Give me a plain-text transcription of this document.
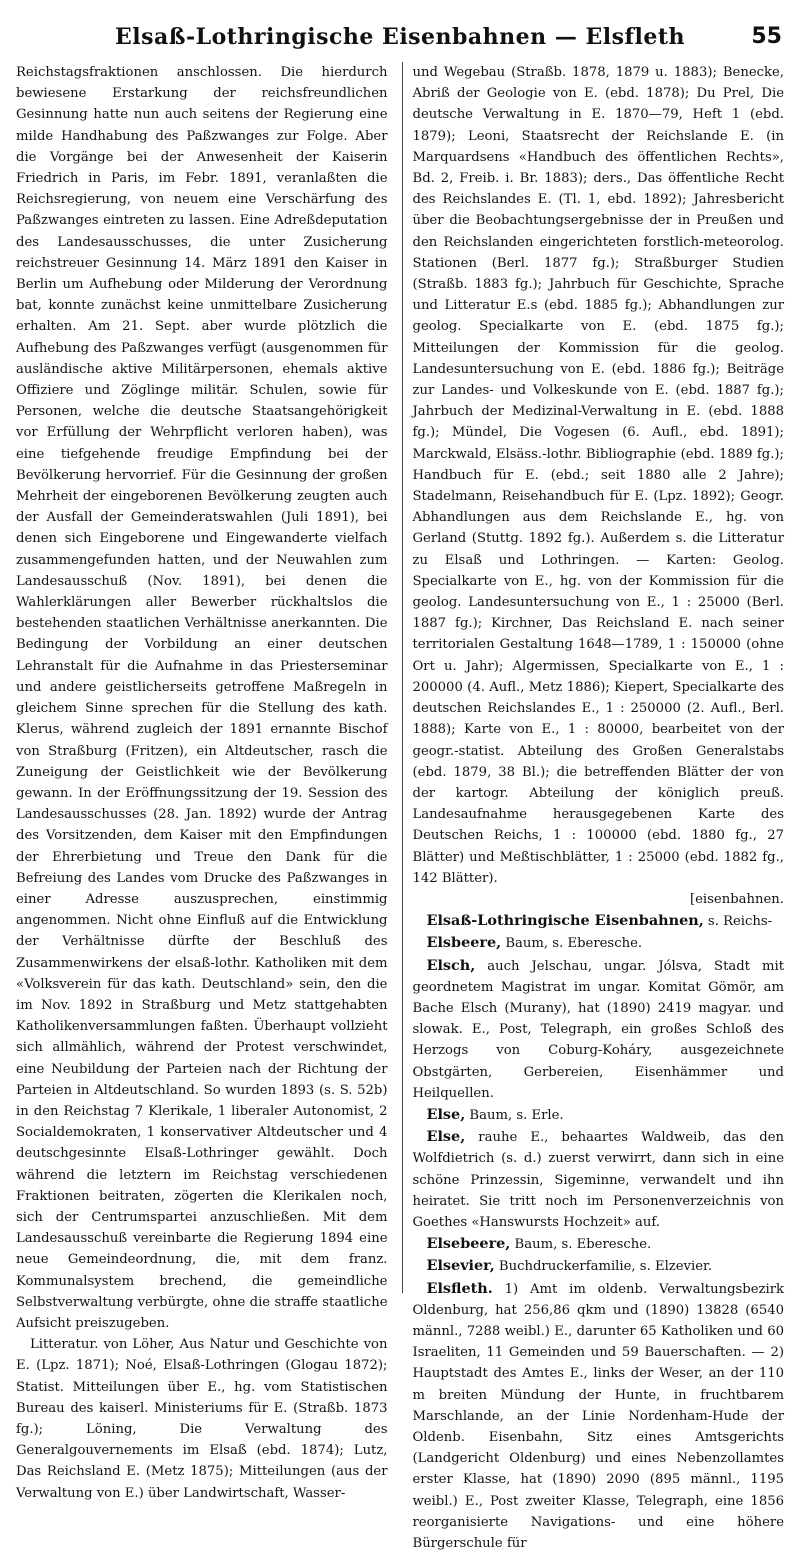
Elsaß-Lothringische Eisenbahnen — Elsfleth	55

Reichstagsfraktionen anschlossen. Die hierdurch bewiesene Erstarkung der reichsfreundlichen Gesinnung hatte nun auch seitens der Regierung eine milde Handhabung des Paßzwanges zur Folge. Aber die Vorgänge bei der Anwesenheit der Kaiserin Friedrich in Paris, im Febr. 1891, veranlaßten die Reichsregierung, von neuem eine Verschärfung des Paßzwanges eintreten zu lassen. Eine Adreßdeputation des Landesausschusses, die unter Zusicherung reichstreuer Gesinnung 14. März 1891 den Kaiser in Berlin um Aufhebung oder Milderung der Verordnung bat, konnte zunächst keine unmittelbare Zusicherung erhalten. Am 21. Sept. aber wurde plötzlich die Aufhebung des Paßzwanges verfügt (ausgenommen für ausländische aktive Militärpersonen, ehemals aktive Offiziere und Zöglinge militär. Schulen, sowie für Personen, welche die deutsche Staatsangehörigkeit vor Erfüllung der Wehrpflicht verloren haben), was eine tiefgehende freudige Empfindung bei der Bevölkerung hervorrief. Für die Gesinnung der großen Mehrheit der eingeborenen Bevölkerung zeugten auch der Ausfall der Gemeinderatswahlen (Juli 1891), bei denen sich Eingeborene und Eingewanderte vielfach zusammengefunden hatten, und der Neuwahlen zum Landesausschuß (Nov. 1891), bei denen die Wahlerklärungen aller Bewerber rückhaltslos die bestehenden staatlichen Verhältnisse anerkannten. Die Bedingung der Vorbildung an einer deutschen Lehranstalt für die Aufnahme in das Priesterseminar und andere geistlicherseits getroffene Maßregeln in gleichem Sinne sprechen für die Stellung des kath. Klerus, während zugleich der 1891 ernannte Bischof von Straßburg (Fritzen), ein Altdeutscher, rasch die Zuneigung der Geistlichkeit wie der Bevölkerung gewann. In der Eröffnungssitzung der 19. Session des Landesausschusses (28. Jan. 1892) wurde der Antrag des Vorsitzenden, dem Kaiser mit den Empfindungen der Ehrerbietung und Treue den Dank für die Befreiung des Landes vom Drucke des Paßzwanges in einer Adresse auszusprechen, einstimmig angenommen. Nicht ohne Einfluß auf die Entwicklung der Verhältnisse dürfte der Beschluß des Zusammenwirkens der elsaß-lothr. Katholiken mit dem «Volksverein für das kath. Deutschland» sein, den die im Nov. 1892 in Straßburg und Metz stattgehabten Katholikenversammlungen faßten. Überhaupt vollzieht sich allmählich, während der Protest verschwindet, eine Neubildung der Parteien nach der Richtung der Parteien in Altdeutschland. So wurden 1893 (s. S. 52b) in den Reichstag 7 Klerikale, 1 liberaler Autonomist, 2 Socialdemokraten, 1 konservativer Altdeutscher und 4 deutschgesinnte Elsaß-Lothringer gewählt. Doch während die letztern im Reichstag verschiedenen Fraktionen beitraten, zögerten die Klerikalen noch, sich der Centrumspartei anzuschließen. Mit dem Landesausschuß vereinbarte die Regierung 1894 eine neue Gemeindeordnung, die, mit dem franz. Kommunalsystem brechend, die gemeindliche Selbstverwaltung verbürgte, ohne die straffe staatliche Aufsicht preiszugeben.

Litteratur. von Löher, Aus Natur und Geschichte von E. (Lpz. 1871); Noé, Elsaß-Lothringen (Glogau 1872); Statist. Mitteilungen über E., hg. vom Statistischen Bureau des kaiserl. Ministeriums für E. (Straßb. 1873 fg.); Löning, Die Verwaltung des Generalgouvernements im Elsaß (ebd. 1874); Lutz, Das Reichsland E. (Metz 1875); Mitteilungen (aus der Verwaltung von E.) über Landwirtschaft, Wasser-

und Wegebau (Straßb. 1878, 1879 u. 1883); Benecke, Abriß der Geologie von E. (ebd. 1878); Du Prel, Die deutsche Verwaltung in E. 1870—79, Heft 1 (ebd. 1879); Leoni, Staatsrecht der Reichslande E. (in Marquardsens «Handbuch des öffentlichen Rechts», Bd. 2, Freib. i. Br. 1883); ders., Das öffentliche Recht des Reichslandes E. (Tl. 1, ebd. 1892); Jahresbericht über die Beobachtungsergebnisse der in Preußen und den Reichslanden eingerichteten forstlich-meteorolog. Stationen (Berl. 1877 fg.); Straßburger Studien (Straßb. 1883 fg.); Jahrbuch für Geschichte, Sprache und Litteratur E.s (ebd. 1885 fg.); Abhandlungen zur geolog. Specialkarte von E. (ebd. 1875 fg.); Mitteilungen der Kommission für die geolog. Landesuntersuchung von E. (ebd. 1886 fg.); Beiträge zur Landes- und Volkeskunde von E. (ebd. 1887 fg.); Jahrbuch der Medizinal-Verwaltung in E. (ebd. 1888 fg.); Mündel, Die Vogesen (6. Aufl., ebd. 1891); Marckwald, Elsäss.-lothr. Bibliographie (ebd. 1889 fg.); Handbuch für E. (ebd.; seit 1880 alle 2 Jahre); Stadelmann, Reisehandbuch für E. (Lpz. 1892); Geogr. Abhandlungen aus dem Reichslande E., hg. von Gerland (Stuttg. 1892 fg.). Außerdem s. die Litteratur zu Elsaß und Lothringen. — Karten: Geolog. Specialkarte von E., hg. von der Kommission für die geolog. Landesuntersuchung von E., 1 : 25000 (Berl. 1887 fg.); Kirchner, Das Reichsland E. nach seiner territorialen Gestaltung 1648—1789, 1 : 150000 (ohne Ort u. Jahr); Algermissen, Specialkarte von E., 1 : 200000 (4. Aufl., Metz 1886); Kiepert, Specialkarte des deutschen Reichslandes E., 1 : 250000 (2. Aufl., Berl. 1888); Karte von E., 1 : 80000, bearbeitet von der geogr.-statist. Abteilung des Großen Generalstabs (ebd. 1879, 38 Bl.); die betreffenden Blätter der von der kartogr. Abteilung der königlich preuß. Landesaufnahme herausgegebenen Karte des Deutschen Reichs, 1 : 100000 (ebd. 1880 fg., 27 Blätter) und Meßtischblätter, 1 : 25000 (ebd. 1882 fg., 142 Blätter).

[eisenbahnen.

Elsaß-Lothringische Eisenbahnen, s. Reichs-

Elsbeere, Baum, s. Eberesche.

Elsch, auch Jelschau, ungar. Jólsva, Stadt mit geordnetem Magistrat im ungar. Komitat Gömör, am Bache Elsch (Murany), hat (1890) 2419 magyar. und slowak. E., Post, Telegraph, ein großes Schloß des Herzogs von Coburg-Koháry, ausgezeichnete Obstgärten, Gerbereien, Eisenhämmer und Heilquellen.

Else, Baum, s. Erle.

Else, rauhe E., behaartes Waldweib, das den Wolfdietrich (s. d.) zuerst verwirrt, dann sich in eine schöne Prinzessin, Sigeminne, verwandelt und ihn heiratet. Sie tritt noch im Personenverzeichnis von Goethes «Hanswursts Hochzeit» auf.

Elsebeere, Baum, s. Eberesche.

Elsevier, Buchdruckerfamilie, s. Elzevier.

Elsfleth. 1) Amt im oldenb. Verwaltungsbezirk Oldenburg, hat 256,86 qkm und (1890) 13828 (6540 männl., 7288 weibl.) E., darunter 65 Katholiken und 60 Israeliten, 11 Gemeinden und 59 Bauerschaften. — 2) Hauptstadt des Amtes E., links der Weser, an der 110 m breiten Mündung der Hunte, in fruchtbarem Marschlande, an der Linie Nordenham-Hude der Oldenb. Eisenbahn, Sitz eines Amtsgerichts (Landgericht Oldenburg) und eines Nebenzollamtes erster Klasse, hat (1890) 2090 (895 männl., 1195 weibl.) E., Post zweiter Klasse, Telegraph, eine 1856 reorganisierte Navigations- und eine höhere Bürgerschule für
